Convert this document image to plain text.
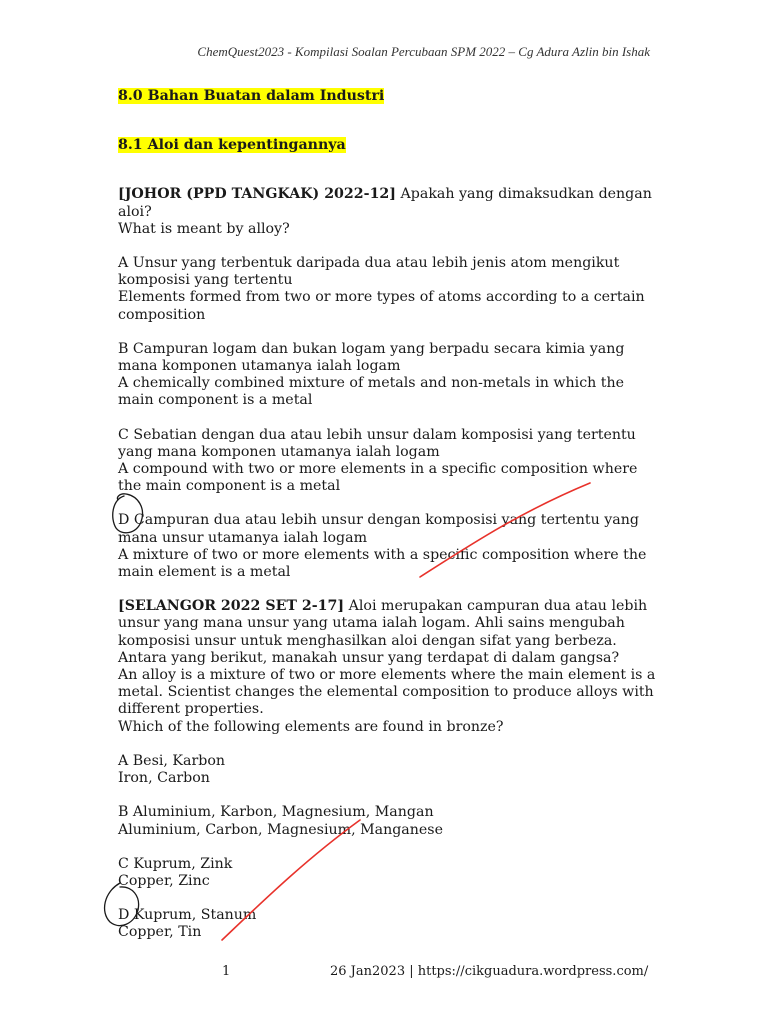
ChemQuest2023 - Kompilasi Soalan Percubaan SPM 2022 – Cg Adura Azlin bin Ishak

8.0 Bahan Buatan dalam Industri

8.1 Aloi dan kepentingannya

[JOHOR (PPD TANGKAK) 2022-12] Apakah yang dimaksudkan dengan aloi?

What is meant by alloy?

A Unsur yang terbentuk daripada dua atau lebih jenis atom mengikut komposisi yang tertentu

Elements formed from two or more types of atoms according to a certain composition

B Campuran logam dan bukan logam yang berpadu secara kimia yang mana komponen utamanya ialah logam

A chemically combined mixture of metals and non-metals in which the main component is a metal

C Sebatian dengan dua atau lebih unsur dalam komposisi yang tertentu yang mana komponen utamanya ialah logam

A compound with two or more elements in a specific composition where the main component is a metal

D Campuran dua atau lebih unsur dengan komposisi yang tertentu yang mana unsur utamanya ialah logam

A mixture of two or more elements with a specific composition where the main element is a metal

[SELANGOR 2022 SET 2-17] Aloi merupakan campuran dua atau lebih unsur yang mana unsur yang utama ialah logam. Ahli sains mengubah komposisi unsur untuk menghasilkan aloi dengan sifat yang berbeza. Antara yang berikut, manakah unsur yang terdapat di dalam gangsa?

An alloy is a mixture of two or more elements where the main element is a metal. Scientist changes the elemental composition to produce alloys with different properties.

Which of the following elements are found in bronze?

A Besi, Karbon

Iron, Carbon

B Aluminium, Karbon, Magnesium, Mangan

Aluminium, Carbon, Magnesium, Manganese

C Kuprum, Zink

Copper, Zinc

D Kuprum, Stanum

Copper, Tin

1	26 Jan2023 | https://cikguadura.wordpress.com/
